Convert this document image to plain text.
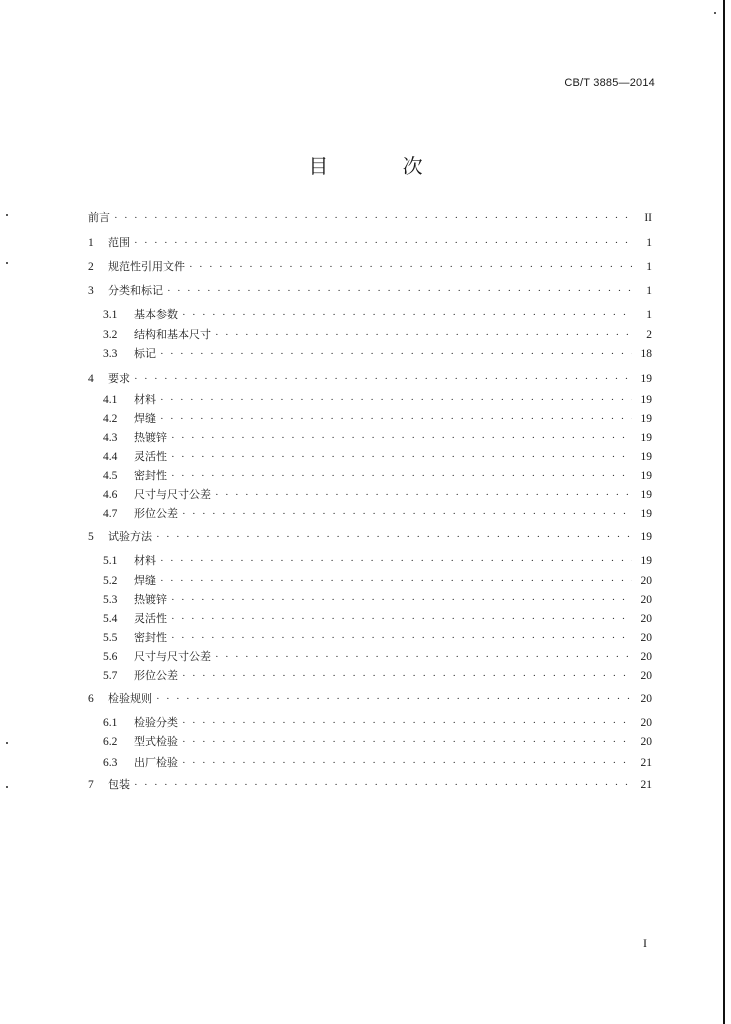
CB/T 3885—2014
目 次
前言 · · ·	II
1	范围 · · ·	1
2	规范性引用文件 · · ·	1
3	分类和标记 · · ·	1
3.1	基本参数 · · ·	1
3.2	结构和基本尺寸 · · ·	2
3.3	标记 · · ·	18
4	要求 · · ·	19
4.1	材料 · · ·	19
4.2	焊缝 · · ·	19
4.3	热镀锌 · · ·	19
4.4	灵活性 · · ·	19
4.5	密封性 · · ·	19
4.6	尺寸与尺寸公差 · · ·	19
4.7	形位公差 · · ·	19
5	试验方法 · · ·	19
5.1	材料 · · ·	19
5.2	焊缝 · · ·	20
5.3	热镀锌 · · ·	20
5.4	灵活性 · · ·	20
5.5	密封性 · · ·	20
5.6	尺寸与尺寸公差 · · ·	20
5.7	形位公差 · · ·	20
6	检验规则 · · ·	20
6.1	检验分类 · · ·	20
6.2	型式检验 · · ·	20
6.3	出厂检验 · · ·	21
7	包装 · · ·	21
I
